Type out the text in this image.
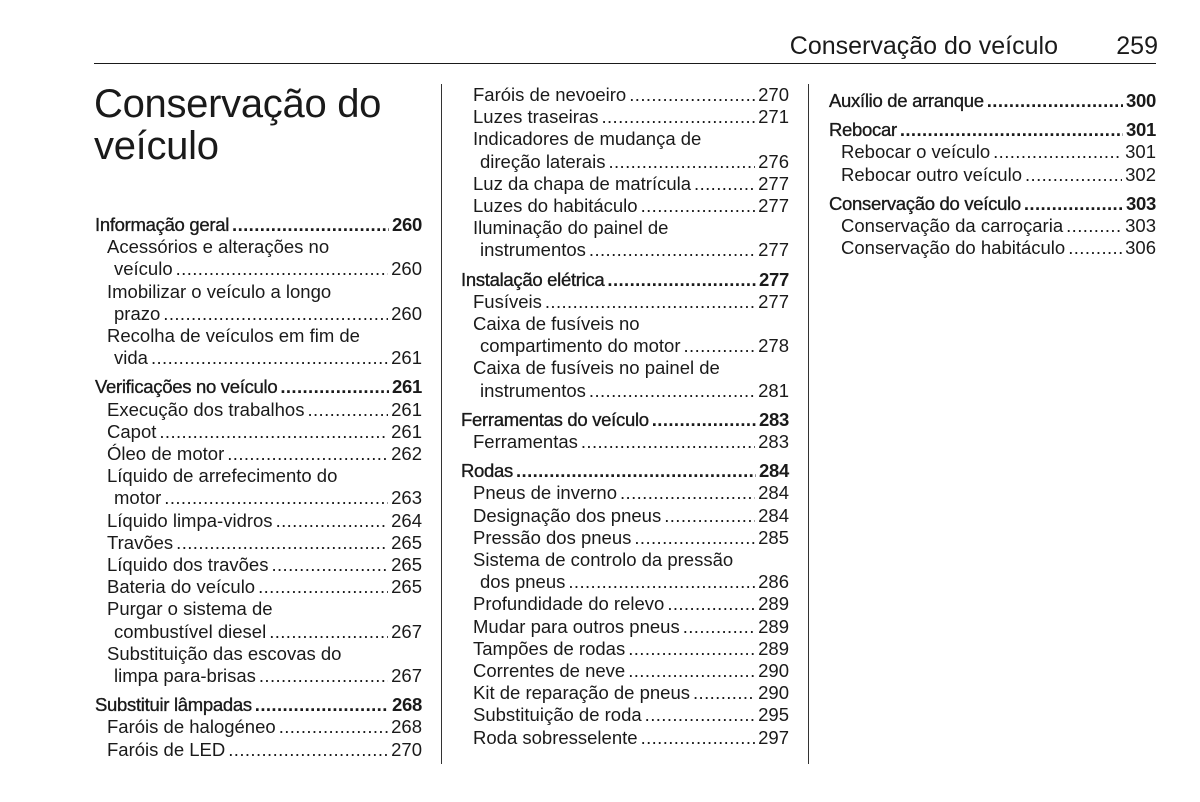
Conservação do veículo 259
Conservação do
veículo
Informação geral .....	260
Acessórios e alterações no
veículo .....	260
Imobilizar o veículo a longo
prazo .....	260
Recolha de veículos em fim de
vida .....	261
Verificações no veículo .....	261
Execução dos trabalhos .....	261
Capot .....	261
Óleo de motor .....	262
Líquido de arrefecimento do
motor .....	263
Líquido limpa-vidros .....	264
Travões .....	265
Líquido dos travões .....	265
Bateria do veículo .....	265
Purgar o sistema de
combustível diesel .....	267
Substituição das escovas do
limpa para-brisas .....	267
Substituir lâmpadas .....	268
Faróis de halogéneo .....	268
Faróis de LED .....	270
Faróis de nevoeiro .....	270
Luzes traseiras .....	271
Indicadores de mudança de
direção laterais .....	276
Luz da chapa de matrícula .....	277
Luzes do habitáculo .....	277
Iluminação do painel de
instrumentos .....	277
Instalação elétrica .....	277
Fusíveis .....	277
Caixa de fusíveis no
compartimento do motor .....	278
Caixa de fusíveis no painel de
instrumentos .....	281
Ferramentas do veículo .....	283
Ferramentas .....	283
Rodas .....	284
Pneus de inverno .....	284
Designação dos pneus .....	284
Pressão dos pneus .....	285
Sistema de controlo da pressão
dos pneus .....	286
Profundidade do relevo .....	289
Mudar para outros pneus .....	289
Tampões de rodas .....	289
Correntes de neve .....	290
Kit de reparação de pneus .....	290
Substituição de roda .....	295
Roda sobresselente .....	297
Auxílio de arranque .....	300
Rebocar .....	301
Rebocar o veículo .....	301
Rebocar outro veículo .....	302
Conservação do veículo .....	303
Conservação da carroçaria .....	303
Conservação do habitáculo .....	306
